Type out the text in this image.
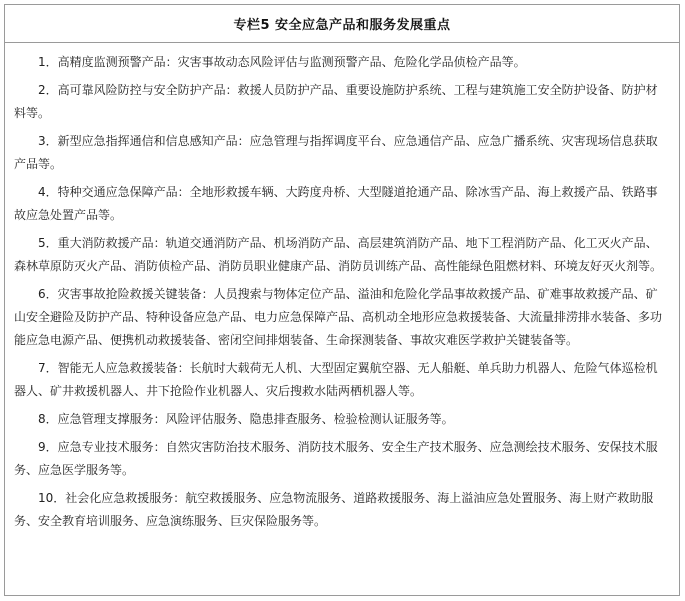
专栏5 安全应急产品和服务发展重点

1．高精度监测预警产品：灾害事故动态风险评估与监测预警产品、危险化学品侦检产品等。

2．高可靠风险防控与安全防护产品：救援人员防护产品、重要设施防护系统、工程与建筑施工安全防护设备、防护材料等。

3．新型应急指挥通信和信息感知产品：应急管理与指挥调度平台、应急通信产品、应急广播系统、灾害现场信息获取产品等。

4．特种交通应急保障产品：全地形救援车辆、大跨度舟桥、大型隧道抢通产品、除冰雪产品、海上救援产品、铁路事故应急处置产品等。

5．重大消防救援产品：轨道交通消防产品、机场消防产品、高层建筑消防产品、地下工程消防产品、化工灭火产品、森林草原防灭火产品、消防侦检产品、消防员职业健康产品、消防员训练产品、高性能绿色阻燃材料、环境友好灭火剂等。

6．灾害事故抢险救援关键装备：人员搜索与物体定位产品、溢油和危险化学品事故救援产品、矿难事故救援产品、矿山安全避险及防护产品、特种设备应急产品、电力应急保障产品、高机动全地形应急救援装备、大流量排涝排水装备、多功能应急电源产品、便携机动救援装备、密闭空间排烟装备、生命探测装备、事故灾难医学救护关键装备等。

7．智能无人应急救援装备：长航时大载荷无人机、大型固定翼航空器、无人船艇、单兵助力机器人、危险气体巡检机器人、矿井救援机器人、井下抢险作业机器人、灾后搜救水陆两栖机器人等。

8．应急管理支撑服务：风险评估服务、隐患排查服务、检验检测认证服务等。

9．应急专业技术服务：自然灾害防治技术服务、消防技术服务、安全生产技术服务、应急测绘技术服务、安保技术服务、应急医学服务等。

10．社会化应急救援服务：航空救援服务、应急物流服务、道路救援服务、海上溢油应急处置服务、海上财产救助服务、安全教育培训服务、应急演练服务、巨灾保险服务等。
